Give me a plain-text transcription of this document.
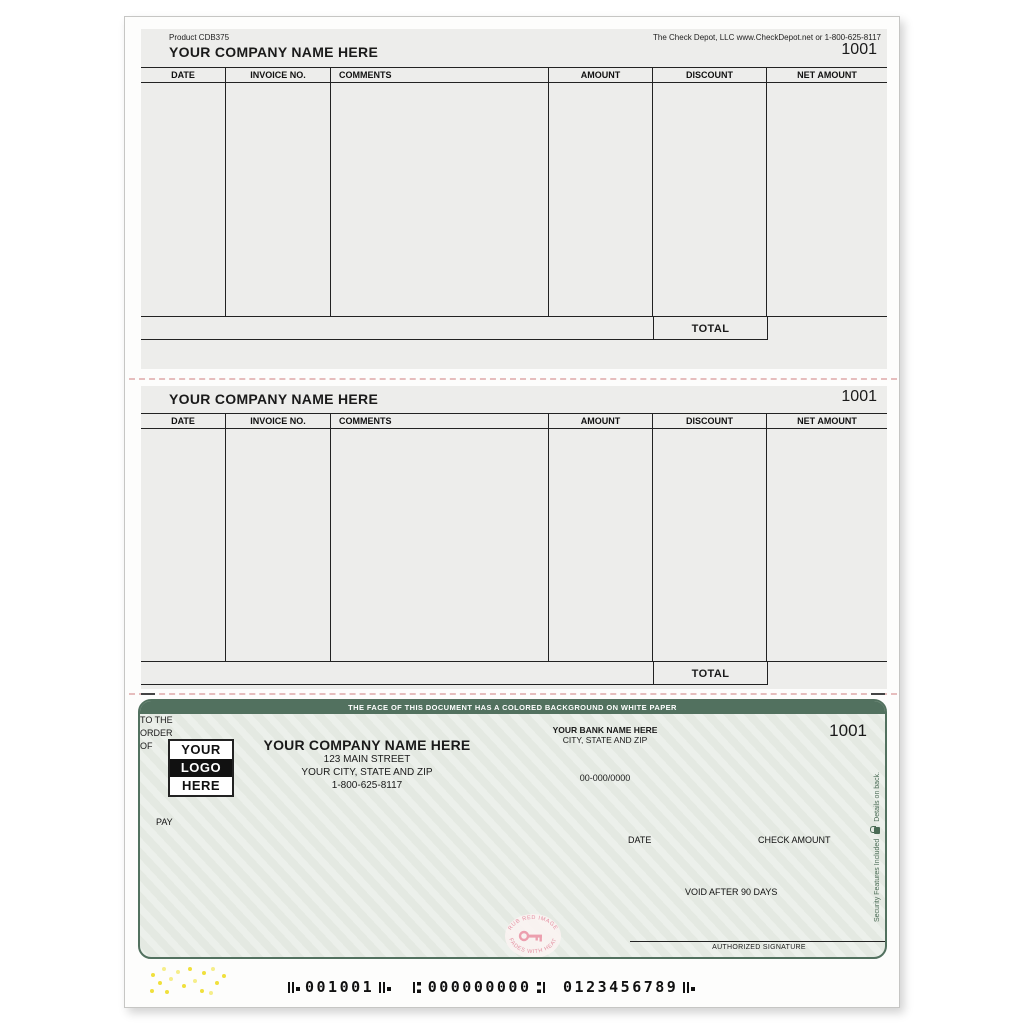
Product CDB375	The Check Depot, LLC www.CheckDepot.net or 1-800-625-8117
YOUR COMPANY NAME HERE	1001
DATE	INVOICE NO.	COMMENTS	AMOUNT	DISCOUNT	NET AMOUNT
TOTAL
YOUR COMPANY NAME HERE	1001
DATE	INVOICE NO.	COMMENTS	AMOUNT	DISCOUNT	NET AMOUNT
TOTAL
THE FACE OF THIS DOCUMENT HAS A COLORED BACKGROUND ON WHITE PAPER
1001
YOUR
LOGO
HERE
YOUR COMPANY NAME HERE
123 MAIN STREET
YOUR CITY, STATE AND ZIP
1-800-625-8117
YOUR BANK NAME HERE
CITY, STATE AND ZIP
00-000/0000
PAY
DATE	CHECK AMOUNT
TO THE
ORDER
OF
VOID AFTER 90 DAYS
AUTHORIZED SIGNATURE
Security Features IncludedDetails on back.
RUB RED IMAGE
FADES WITH HEAT
001001
	000000000
0123456789
